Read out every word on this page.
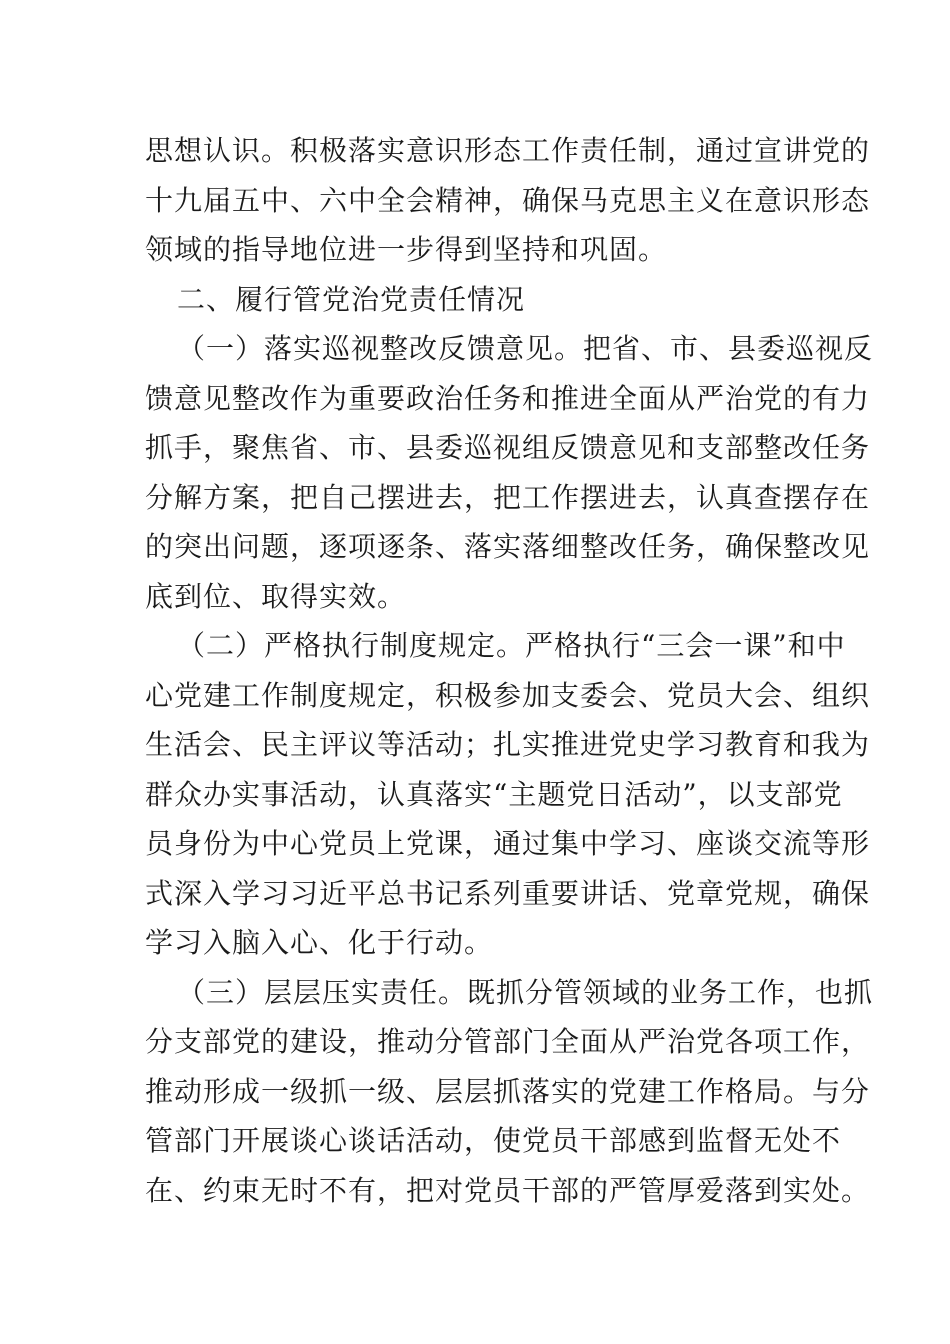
思想认识。积极落实意识形态工作责任制，通过宣讲党的
十九届五中、六中全会精神，确保马克思主义在意识形态
领域的指导地位进一步得到坚持和巩固。
二、履行管党治党责任情况
（一）落实巡视整改反馈意见。把省、市、县委巡视反
馈意见整改作为重要政治任务和推进全面从严治党的有力
抓手，聚焦省、市、县委巡视组反馈意见和支部整改任务
分解方案，把自己摆进去，把工作摆进去，认真查摆存在
的突出问题，逐项逐条、落实落细整改任务，确保整改见
底到位、取得实效。
（二）严格执行制度规定。严格执行“三会一课”和中
心党建工作制度规定，积极参加支委会、党员大会、组织
生活会、民主评议等活动；扎实推进党史学习教育和我为
群众办实事活动，认真落实“主题党日活动”，以支部党
员身份为中心党员上党课，通过集中学习、座谈交流等形
式深入学习习近平总书记系列重要讲话、党章党规，确保
学习入脑入心、化于行动。
（三）层层压实责任。既抓分管领域的业务工作，也抓
分支部党的建设，推动分管部门全面从严治党各项工作，
推动形成一级抓一级、层层抓落实的党建工作格局。与分
管部门开展谈心谈话活动，使党员干部感到监督无处不
在、约束无时不有，把对党员干部的严管厚爱落到实处。
